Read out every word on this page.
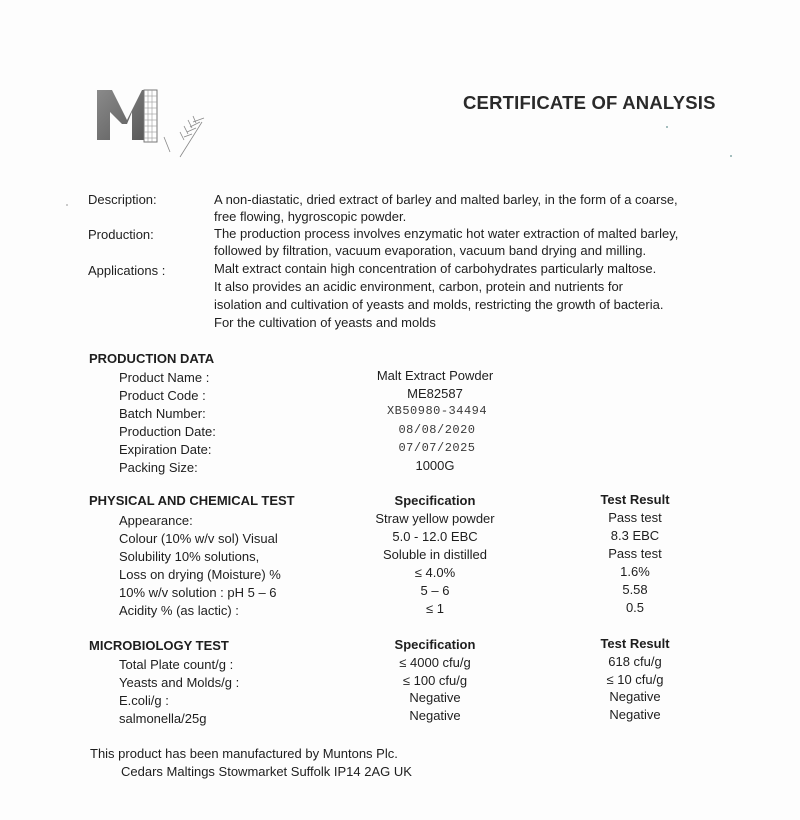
CERTIFICATE OF ANALYSIS
Description:	A non-diastatic, dried extract of barley and malted barley, in the form of a coarse,
free flowing, hygroscopic powder.
Production:	The production process involves enzymatic hot water extraction of malted barley,
followed by filtration, vacuum evaporation, vacuum band drying and milling.
Applications :	Malt extract contain high concentration of carbohydrates particularly maltose.
It also provides an acidic environment, carbon, protein and nutrients for
isolation and cultivation of yeasts and molds, restricting the growth of bacteria.
For the cultivation of yeasts and molds
PRODUCTION DATA
Product Name :	Malt Extract Powder
Product Code :	ME82587
Batch Number:	XB50980-34494
Production Date:	08/08/2020
Expiration Date:	07/07/2025
Packing Size:	1000G
PHYSICAL AND CHEMICAL TEST	Specification	Test Result
Appearance:	Straw yellow powder	Pass test
Colour (10% w/v sol) Visual	5.0 - 12.0 EBC	8.3 EBC
Solubility 10% solutions,	Soluble in distilled	Pass test
Loss on drying (Moisture) %	≤ 4.0%	1.6%
10% w/v solution : pH 5 – 6	5 – 6	5.58
Acidity % (as lactic) :	≤ 1	0.5
MICROBIOLOGY TEST	Specification	Test Result
Total Plate count/g :	≤ 4000 cfu/g	618 cfu/g
Yeasts and Molds/g :	≤ 100 cfu/g	≤ 10 cfu/g
E.coli/g :	Negative	Negative
salmonella/25g	Negative	Negative
This product has been manufactured by Muntons Plc.
Cedars Maltings Stowmarket Suffolk IP14 2AG UK
